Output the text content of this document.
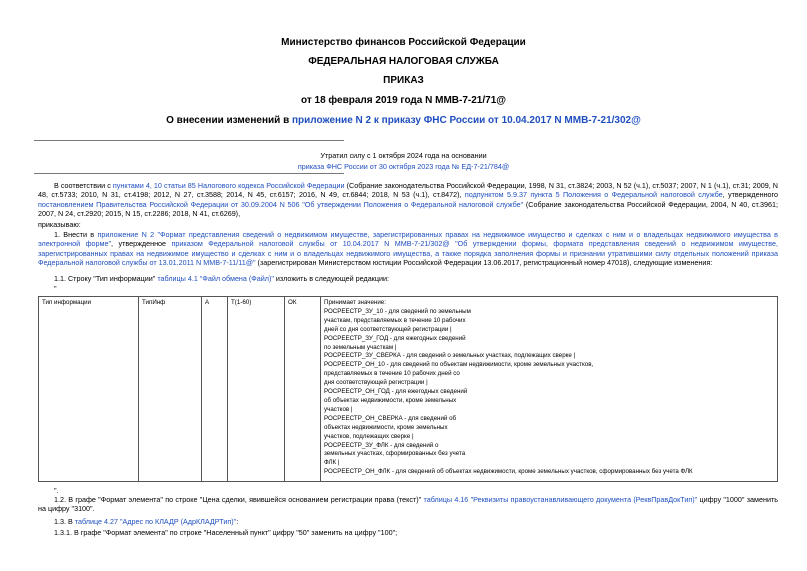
Министерство финансов Российской Федерации
ФЕДЕРАЛЬНАЯ НАЛОГОВАЯ СЛУЖБА
ПРИКАЗ
от 18 февраля 2019 года N ММВ-7-21/71@
О внесении изменений в приложение N 2 к приказу ФНС России от 10.04.2017 N ММВ-7-21/302@
Утратил силу с 1 октября 2024 года на основании
приказа ФНС России от 30 октября 2023 года № ЕД-7-21/784@
В соответствии с пунктами 4, 10 статьи 85 Налогового кодекса Российской Федерации (Собрание законодательства Российской Федерации, 1998, N 31, ст.3824; 2003, N 52 (ч.1), ст.5037; 2007, N 1 (ч.1), ст.31; 2009, N 48, ст.5733; 2010, N 31, ст.4198; 2012, N 27, ст.3588; 2014, N 45, ст.6157; 2016, N 49, ст.6844; 2018, N 53 (ч.1), ст.8472), подпунктом 5.9.37 пункта 5 Положения о Федеральной налоговой службе, утвержденного постановлением Правительства Российской Федерации от 30.09.2004 N 506 "Об утверждении Положения о Федеральной налоговой службе" (Собрание законодательства Российской Федерации, 2004, N 40, ст.3961; 2007, N 24, ст.2920; 2015, N 15, ст.2286; 2018, N 41, ст.6269),
приказываю:
1. Внести в приложение N 2 "Формат представления сведений о недвижимом имуществе, зарегистрированных правах на недвижимое имущество и сделках с ним и о владельцах недвижимого имущества в электронной форме", утвержденное приказом Федеральной налоговой службы от 10.04.2017 N ММВ-7-21/302@ "Об утверждении формы, формата представления сведений о недвижимом имуществе, зарегистрированных правах на недвижимое имущество и сделках с ним и о владельцах недвижимого имущества, а также порядка заполнения формы и признании утратившими силу отдельных положений приказа Федеральной налоговой службы от 13.01.2011 N ММВ-7-11/11@" (зарегистрирован Министерством юстиции Российской Федерации 13.06.2017, регистрационный номер 47018), следующие изменения:
1.1. Строку "Тип информации" таблицы 4.1 "Файл обмена (Файл)" изложить в следующей редакции:
"
Тип информации	ТипИнф	А	Т(1-60)	ОК	Принимает значение:
РОСРЕЕСТР_ЗУ_10 - для сведений по земельным
участкам, представляемых в течение 10 рабочих
дней со дня соответствующей регистрации |
РОСРЕЕСТР_ЗУ_ГОД - для ежегодных сведений
по земельным участкам |
РОСРЕЕСТР_ЗУ_СВЕРКА - для сведений о земельных участках, подлежащих сверке |
РОСРЕЕСТР_ОН_10 - для сведений по объектам недвижимости, кроме земельных участков,
представляемых в течение 10 рабочих дней со
дня соответствующей регистрации |
РОСРЕЕСТР_ОН_ГОД - для ежегодных сведений
об объектах недвижимости, кроме земельных
участков |
РОСРЕЕСТР_ОН_СВЕРКА - для сведений об
объектах недвижимости, кроме земельных
участков, подлежащих сверке |
РОСРЕЕСТР_ЗУ_ФЛК - для сведений о
земельных участках, сформированных без учета
ФЛК |
РОСРЕЕСТР_ОН_ФЛК - для сведений об объектах недвижимости, кроме земельных участков, сформированных без учета ФЛК
".
1.2. В графе "Формат элемента" по строке "Цена сделки, явившейся основанием регистрации права (текст)" таблицы 4.16 "Реквизиты правоустанавливающего документа (РеквПравДокТип)" цифру "1000" заменить на цифру "3100".
1.3. В таблице 4.27 "Адрес по КЛАДР (АдрКЛАДРТип)":
1.3.1. В графе "Формат элемента" по строке "Населенный пункт" цифру "50" заменить на цифру "100";
